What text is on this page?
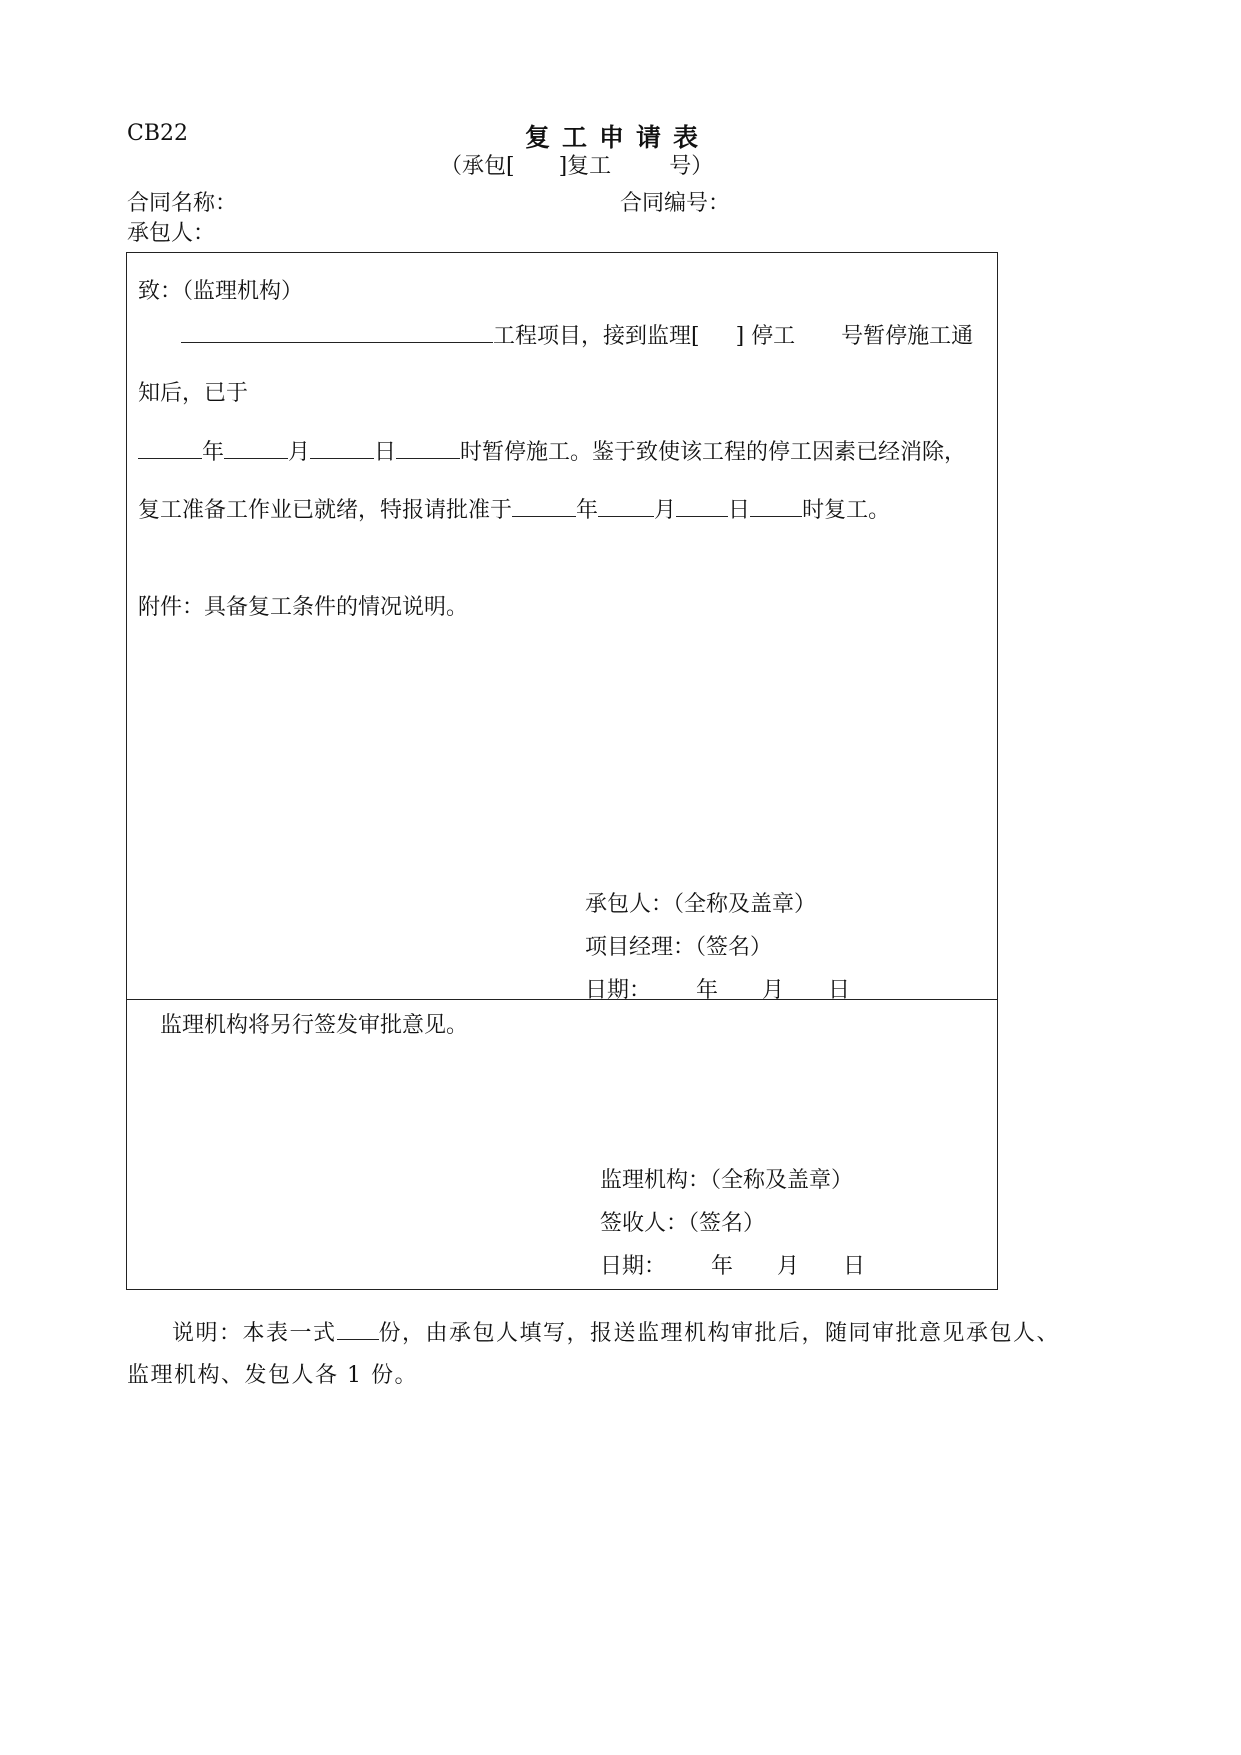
CB22	复工申请表
（承包[ ]复工	号）
合同名称：	合同编号：
承包人：
致：（监理机构）
工程项目，接到监理[ ] 停工 号暂停施工通
知后，已于
年	月	日	时暂停施工。鉴于致使该工程的停工因素已经消除，
复工准备工作业已就绪，特报请批准于	年	月 日 时复工。
附件：具备复工条件的情况说明。
承包人：（全称及盖章）
项目经理：（签名）
日期： 年 月 日
监理机构将另行签发审批意见。
监理机构：（全称及盖章）
签收人：（签名）
日期： 年 月 日
说明：本表一式 份，由承包人填写，报送监理机构审批后，随同审批意见承包人、
监理机构、发包人各 1 份。
